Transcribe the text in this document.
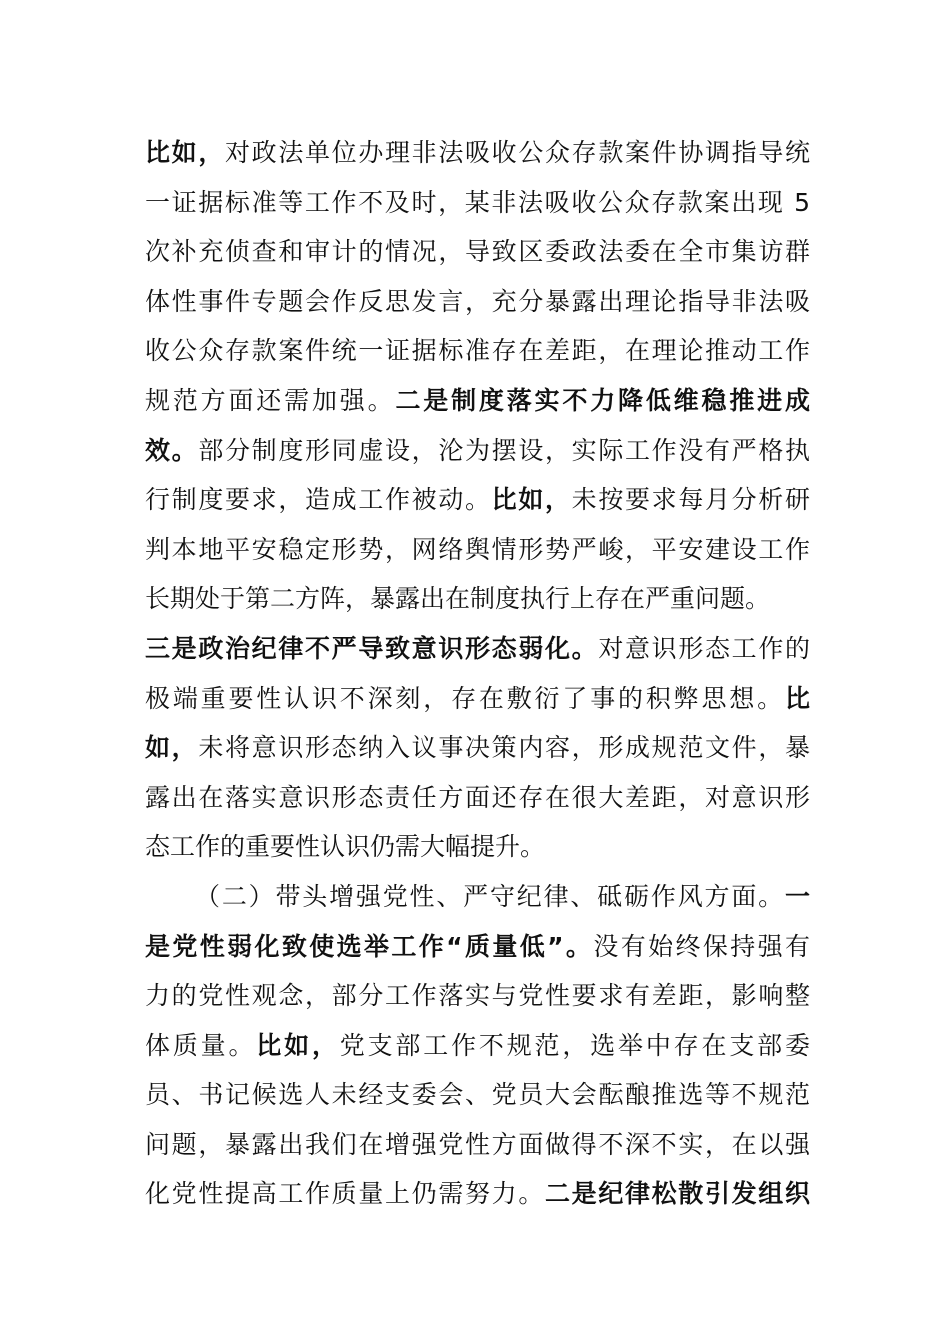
比如，对政法单位办理非法吸收公众存款案件协调指导统
一证据标准等工作不及时，某非法吸收公众存款案出现 5
次补充侦查和审计的情况，导致区委政法委在全市集访群
体性事件专题会作反思发言，充分暴露出理论指导非法吸
收公众存款案件统一证据标准存在差距，在理论推动工作
规范方面还需加强。二是制度落实不力降低维稳推进成
效。部分制度形同虚设，沦为摆设，实际工作没有严格执
行制度要求，造成工作被动。比如，未按要求每月分析研
判本地平安稳定形势，网络舆情形势严峻，平安建设工作
长期处于第二方阵，暴露出在制度执行上存在严重问题。
三是政治纪律不严导致意识形态弱化。对意识形态工作的
极端重要性认识不深刻，存在敷衍了事的积弊思想。比
如，未将意识形态纳入议事决策内容，形成规范文件，暴
露出在落实意识形态责任方面还存在很大差距，对意识形
态工作的重要性认识仍需大幅提升。
（二）带头增强党性、严守纪律、砥砺作风方面。一
是党性弱化致使选举工作“质量低”。没有始终保持强有
力的党性观念，部分工作落实与党性要求有差距，影响整
体质量。比如，党支部工作不规范，选举中存在支部委
员、书记候选人未经支委会、党员大会酝酿推选等不规范
问题，暴露出我们在增强党性方面做得不深不实，在以强
化党性提高工作质量上仍需努力。二是纪律松散引发组织
